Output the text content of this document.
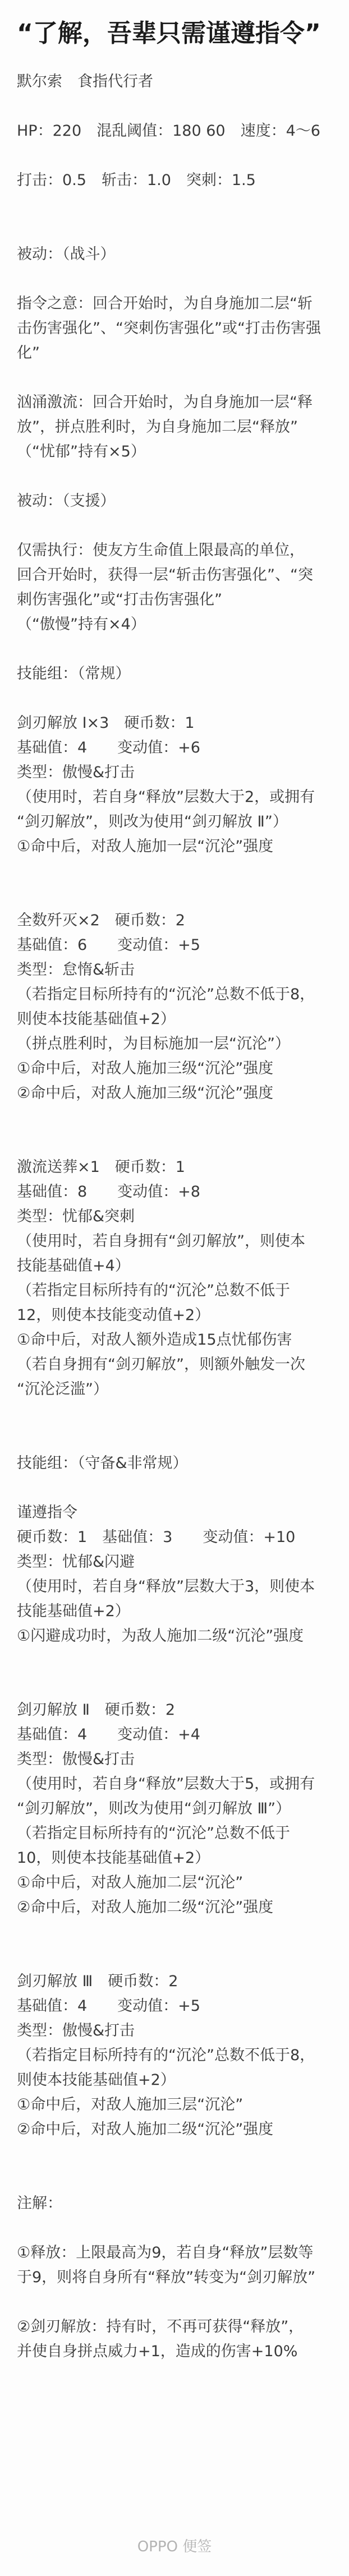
“了解，吾辈只需谨遵指令”

默尔索　食指代行者

HP：220　混乱阈值：180 60　速度：4～6

打击：0.5　斩击：1.0　突刺：1.5

被动：（战斗）

指令之意：回合开始时，为自身施加二层“斩

击伤害强化”、“突刺伤害强化”或“打击伤害强

化”

汹涌激流：回合开始时，为自身施加一层“释

放”，拼点胜利时，为自身施加二层“释放”

（“忧郁”持有×5）

被动：（支援）

仅需执行：使友方生命值上限最高的单位，

回合开始时，获得一层“斩击伤害强化”、“突

刺伤害强化”或“打击伤害强化”

（“傲慢”持有×4）

技能组：（常规）

剑刃解放 Ⅰ×3　硬币数：1

基础值：4　　变动值：+6

类型：傲慢&打击

（使用时，若自身“释放”层数大于2，或拥有

“剑刃解放”，则改为使用“剑刃解放 Ⅱ”）

①命中后，对敌人施加一层“沉沦”强度

全数歼灭×2　硬币数：2

基础值：6　　变动值：+5

类型：怠惰&斩击

（若指定目标所持有的“沉沦”总数不低于8，

则使本技能基础值+2）

（拼点胜利时，为目标施加一层“沉沦”）

①命中后，对敌人施加三级“沉沦”强度

②命中后，对敌人施加三级“沉沦”强度

激流送葬×1　硬币数：1

基础值：8　　变动值：+8

类型：忧郁&突刺

（使用时，若自身拥有“剑刃解放”，则使本

技能基础值+4）

（若指定目标所持有的“沉沦”总数不低于

12，则使本技能变动值+2）

①命中后，对敌人额外造成15点忧郁伤害

（若自身拥有“剑刃解放”，则额外触发一次

“沉沦泛滥”）

技能组：（守备&非常规）

谨遵指令

硬币数：1　基础值：3　　变动值：+10

类型：忧郁&闪避

（使用时，若自身“释放”层数大于3，则使本

技能基础值+2）

①闪避成功时，为敌人施加二级“沉沦”强度

剑刃解放 Ⅱ　硬币数：2

基础值：4　　变动值：+4

类型：傲慢&打击

（使用时，若自身“释放”层数大于5，或拥有

“剑刃解放”，则改为使用“剑刃解放 Ⅲ”）

（若指定目标所持有的“沉沦”总数不低于

10，则使本技能基础值+2）

①命中后，对敌人施加二层“沉沦”

②命中后，对敌人施加二级“沉沦”强度

剑刃解放 Ⅲ　硬币数：2

基础值：4　　变动值：+5

类型：傲慢&打击

（若指定目标所持有的“沉沦”总数不低于8，

则使本技能基础值+2）

①命中后，对敌人施加三层“沉沦”

②命中后，对敌人施加二级“沉沦”强度

注解：

①释放：上限最高为9，若自身“释放”层数等

于9，则将自身所有“释放”转变为“剑刃解放”

②剑刃解放：持有时，不再可获得“释放”，

并使自身拼点威力+1，造成的伤害+10%

OPPO 便签
